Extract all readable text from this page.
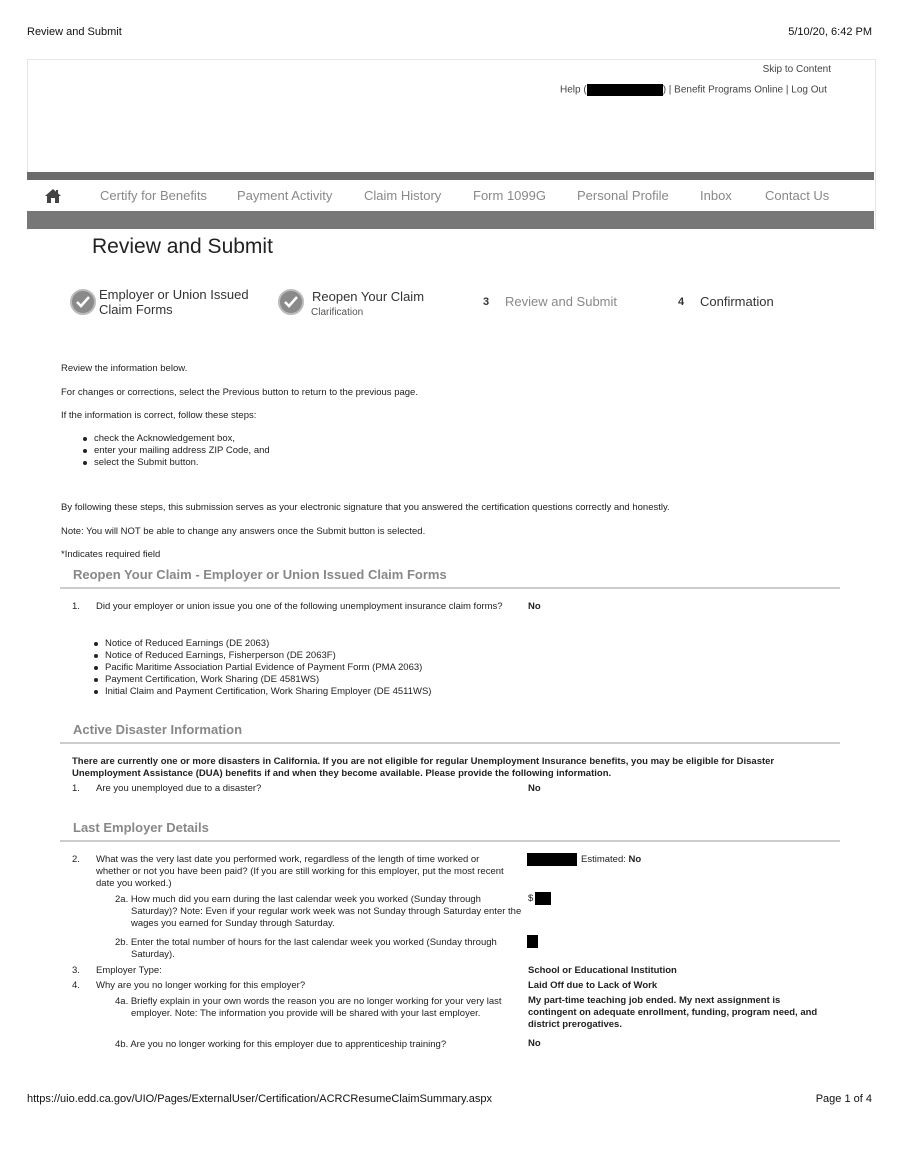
Review and Submit	5/10/20, 6:42 PM
Skip to Content
Help (	) | Benefit Programs Online | Log Out
Certify for Benefits Payment Activity Claim History Form 1099G Personal Profile Inbox	Contact Us
Review and Submit
Employer or Union Issued Claim Forms
Reopen Your Claim
Clarification
3 Review and Submit	4 Confirmation
Review the information below.
For changes or corrections, select the Previous button to return to the previous page.
If the information is correct, follow these steps:
check the Acknowledgement box,
enter your mailing address ZIP Code, and
select the Submit button.
By following these steps, this submission serves as your electronic signature that you answered the certification questions correctly and honestly.
Note: You will NOT be able to change any answers once the Submit button is selected.
*Indicates required field
Reopen Your Claim - Employer or Union Issued Claim Forms
1. Did your employer or union issue you one of the following unemployment insurance claim forms?	No
Notice of Reduced Earnings (DE 2063)
Notice of Reduced Earnings, Fisherperson (DE 2063F)
Pacific Maritime Association Partial Evidence of Payment Form (PMA 2063)
Payment Certification, Work Sharing (DE 4581WS)
Initial Claim and Payment Certification, Work Sharing Employer (DE 4511WS)
Active Disaster Information
There are currently one or more disasters in California. If you are not eligible for regular Unemployment Insurance benefits, you may be eligible for Disaster Unemployment Assistance (DUA) benefits if and when they become available. Please provide the following information.
1. Are you unemployed due to a disaster?	No
Last Employer Details
2. What was the very last date you performed work, regardless of the length of time worked or whether or not you have been paid? (If you are still working for this employer, put the most recent date you worked.)
Estimated: No
2a. How much did you earn during the last calendar week you worked (Sunday through Saturday)? Note: Even if your regular work week was not Sunday through Saturday enter the wages you earned for Sunday through Saturday.
$
2b. Enter the total number of hours for the last calendar week you worked (Sunday through Saturday).
3. Employer Type:	School or Educational Institution
4. Why are you no longer working for this employer?	Laid Off due to Lack of Work
4a. Briefly explain in your own words the reason you are no longer working for your very last employer. Note: The information you provide will be shared with your last employer.
My part-time teaching job ended. My next assignment is contingent on adequate enrollment, funding, program need, and district prerogatives.
4b. Are you no longer working for this employer due to apprenticeship training?	No
https://uio.edd.ca.gov/UIO/Pages/ExternalUser/Certification/ACRCResumeClaimSummary.aspx	Page 1 of 4
